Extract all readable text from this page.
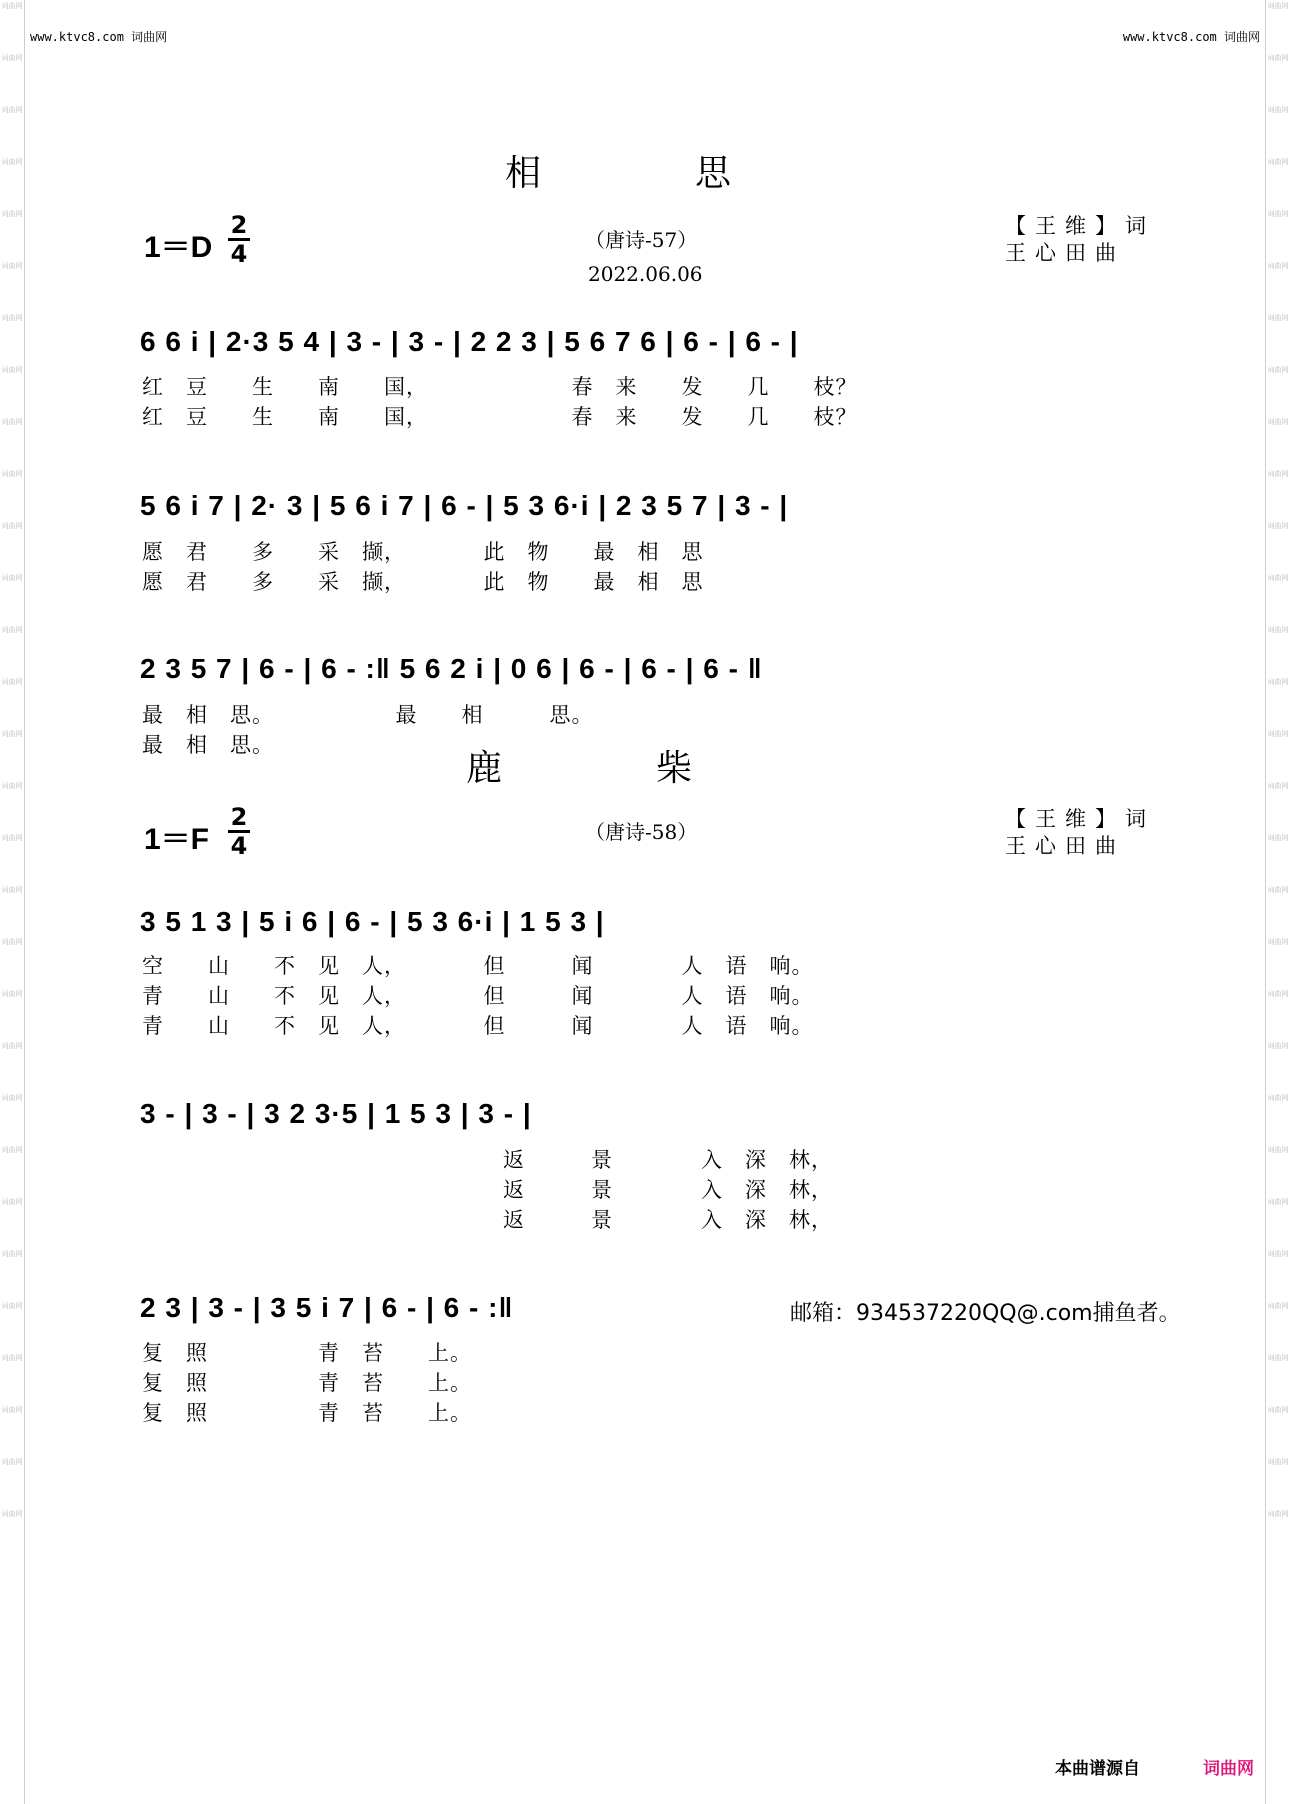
词曲网
词曲网
词曲网
词曲网
词曲网
词曲网
词曲网
词曲网
词曲网
词曲网
词曲网
词曲网
词曲网
词曲网
词曲网
词曲网
词曲网
词曲网
词曲网
词曲网
词曲网
词曲网
词曲网
词曲网
词曲网
词曲网
词曲网
词曲网
词曲网
词曲网
词曲网
词曲网
词曲网
词曲网
词曲网
词曲网
词曲网
词曲网
词曲网
词曲网
词曲网
词曲网
词曲网
词曲网
词曲网
词曲网
词曲网
词曲网
词曲网
词曲网
词曲网
词曲网
词曲网
词曲网
词曲网
词曲网
词曲网
词曲网
词曲网
词曲网
www.ktvc8.com 词曲网	www.ktvc8.com 词曲网
相　　　　思
1＝D
2
4	（唐诗-57）
2022.06.06
【王维】词
王心田曲
6 6 i | 2·3 5 4 | 3 - | 3 - | 2 2 3 | 5 6 7 6 | 6 - | 6 - |
红　豆　　生　　南　　国，　　　　　　　春　来　　发　　几　　枝？
红　豆　　生　　南　　国，　　　　　　　春　来　　发　　几　　枝？
5 6 i 7 | 2· 3 | 5 6 i 7 | 6 - | 5 3 6·i | 2 3 5 7 | 3 - |
愿　君　　多　　采　撷，　　　　此　物　　最　相　思
愿　君　　多　　采　撷，　　　　此　物　　最　相　思
2 3 5 7 | 6 - | 6 - :‖ 5 6 2 i | 0 6 | 6 - | 6 - | 6 - ‖
最　相　思。　　　　　　最　　相　　　思。
最　相　思。
鹿　　　　柴
1＝F
2
4	（唐诗-58）
【王维】词
王心田曲
3 5 1 3 | 5 i 6 | 6 - | 5 3 6·i | 1 5 3 |
空　　山　　不　见　人，　　　　但　　　闻　　　　人　语　响。
青　　山　　不　见　人，　　　　但　　　闻　　　　人　语　响。
青　　山　　不　见　人，　　　　但　　　闻　　　　人　语　响。
3 - | 3 - | 3 2 3·5 | 1 5 3 | 3 - |
返　　　景　　　　入　深　林，
返　　　景　　　　入　深　林，
返　　　景　　　　入　深　林，
2 3 | 3 - | 3 5 i 7 | 6 - | 6 - :‖	邮箱：934537220QQ@.com捕鱼者。
复　照　　　　　青　苔　　上。
复　照　　　　　青　苔　　上。
复　照　　　　　青　苔　　上。
本曲谱源自	词曲网
